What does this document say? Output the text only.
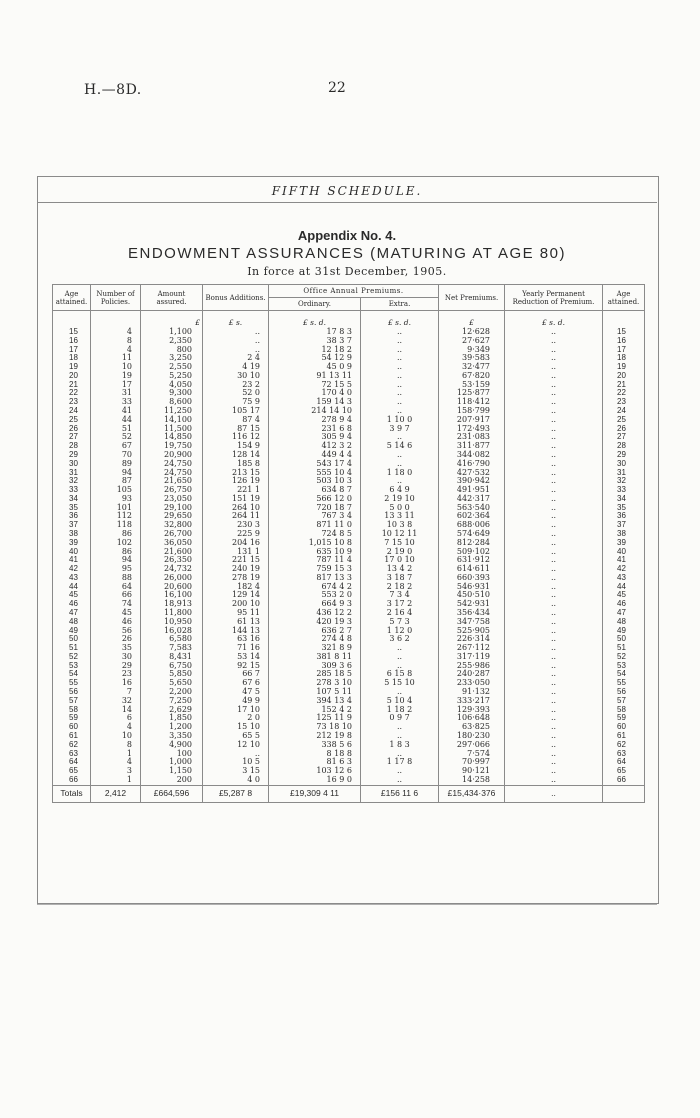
H.—8D.	22
FIFTH SCHEDULE.
Appendix No. 4.
ENDOWMENT ASSURANCES (MATURING AT AGE 80)
In force at 31st December, 1905.
Age attained.	Number of Policies.	Amount assured.	Bonus Additions.	Office Annual Premiums.		Net Premiums.	Yearly Permanent Reduction of Premium.	Age attained.
				Ordinary.	Extra.			

		£	£ s.	£ s. d.	£ s. d.	£	£ s. d.	
15	4	1,100	..	17 8 3	..	12·628	..	15
16	8	2,350	..	38 3 7	..	27·627	..	16
17	4	800	..	12 18 2	..	9·349	..	17
18	11	3,250	2 4	54 12 9	..	39·583	..	18
19	10	2,550	4 19	45 0 9	..	32·477	..	19
20	19	5,250	30 10	91 13 11	..	67·820	..	20
21	17	4,050	23 2	72 15 5	..	53·159	..	21
22	31	9,300	52 0	170 4 0	..	125·877	..	22
23	33	8,600	75 9	159 14 3	..	118·412	..	23
24	41	11,250	105 17	214 14 10	..	158·799	..	24
25	44	14,100	87 4	278 9 4	1 10 0	207·917	..	25
26	51	11,500	87 15	231 6 8	3 9 7	172·493	..	26
27	52	14,850	116 12	305 9 4	..	231·083	..	27
28	67	19,750	154 9	412 3 2	5 14 6	311·877	..	28
29	70	20,900	128 14	449 4 4	..	344·082	..	29
30	89	24,750	185 8	543 17 4	..	416·790	..	30
31	94	24,750	213 15	555 10 4	1 18 0	427·532	..	31
32	87	21,650	126 19	503 10 3	..	390·942	..	32
33	105	26,750	221 1	634 8 7	6 4 9	491·951	..	33
34	93	23,050	151 19	566 12 0	2 19 10	442·317	..	34
35	101	29,100	264 10	720 18 7	5 0 0	563·540	..	35
36	112	29,650	264 11	767 3 4	13 3 11	602·364	..	36
37	118	32,800	230 3	871 11 0	10 3 8	688·006	..	37
38	86	26,700	225 9	724 8 5	10 12 11	574·649	..	38
39	102	36,050	204 16	1,015 10 8	7 15 10	812·284	..	39
40	86	21,600	131 1	635 10 9	2 19 0	509·102	..	40
41	94	26,350	221 15	787 11 4	17 0 10	631·912	..	41
42	95	24,732	240 19	759 15 3	13 4 2	614·611	..	42
43	88	26,000	278 19	817 13 3	3 18 7	660·393	..	43
44	64	20,600	182 4	674 4 2	2 18 2	546·931	..	44
45	66	16,100	129 14	553 2 0	7 3 4	450·510	..	45
46	74	18,913	200 10	664 9 3	3 17 2	542·931	..	46
47	45	11,800	95 11	436 12 2	2 16 4	356·434	..	47
48	46	10,950	61 13	420 19 3	5 7 3	347·758	..	48
49	56	16,028	144 13	636 2 7	1 12 0	525·905	..	49
50	26	6,580	63 16	274 4 8	3 6 2	226·314	..	50
51	35	7,583	71 16	321 8 9	..	267·112	..	51
52	30	8,431	53 14	381 8 11	..	317·119	..	52
53	29	6,750	92 15	309 3 6	..	255·986	..	53
54	23	5,850	66 7	285 18 5	6 15 8	240·287	..	54
55	16	5,650	67 6	278 3 10	5 15 10	233·050	..	55
56	7	2,200	47 5	107 5 11	..	91·132	..	56
57	32	7,250	49 9	394 13 4	5 10 4	333·217	..	57
58	14	2,629	17 10	152 4 2	1 18 2	129·393	..	58
59	6	1,850	2 0	125 11 9	0 9 7	106·648	..	59
60	4	1,200	15 10	73 18 10	..	63·825	..	60
61	10	3,350	65 5	212 19 8	..	180·230	..	61
62	8	4,900	12 10	338 5 6	1 8 3	297·066	..	62
63	1	100	..	8 18 8	..	7·574	..	63
64	4	1,000	10 5	81 6 3	1 17 8	70·997	..	64
65	3	1,150	3 15	103 12 6	..	90·121	..	65
66	1	200	4 0	16 9 0	..	14·258	..	66
Totals	2,412	£664,596	£5,287 8	£19,309 4 11	£156 11 6	£15,434·376	..	
